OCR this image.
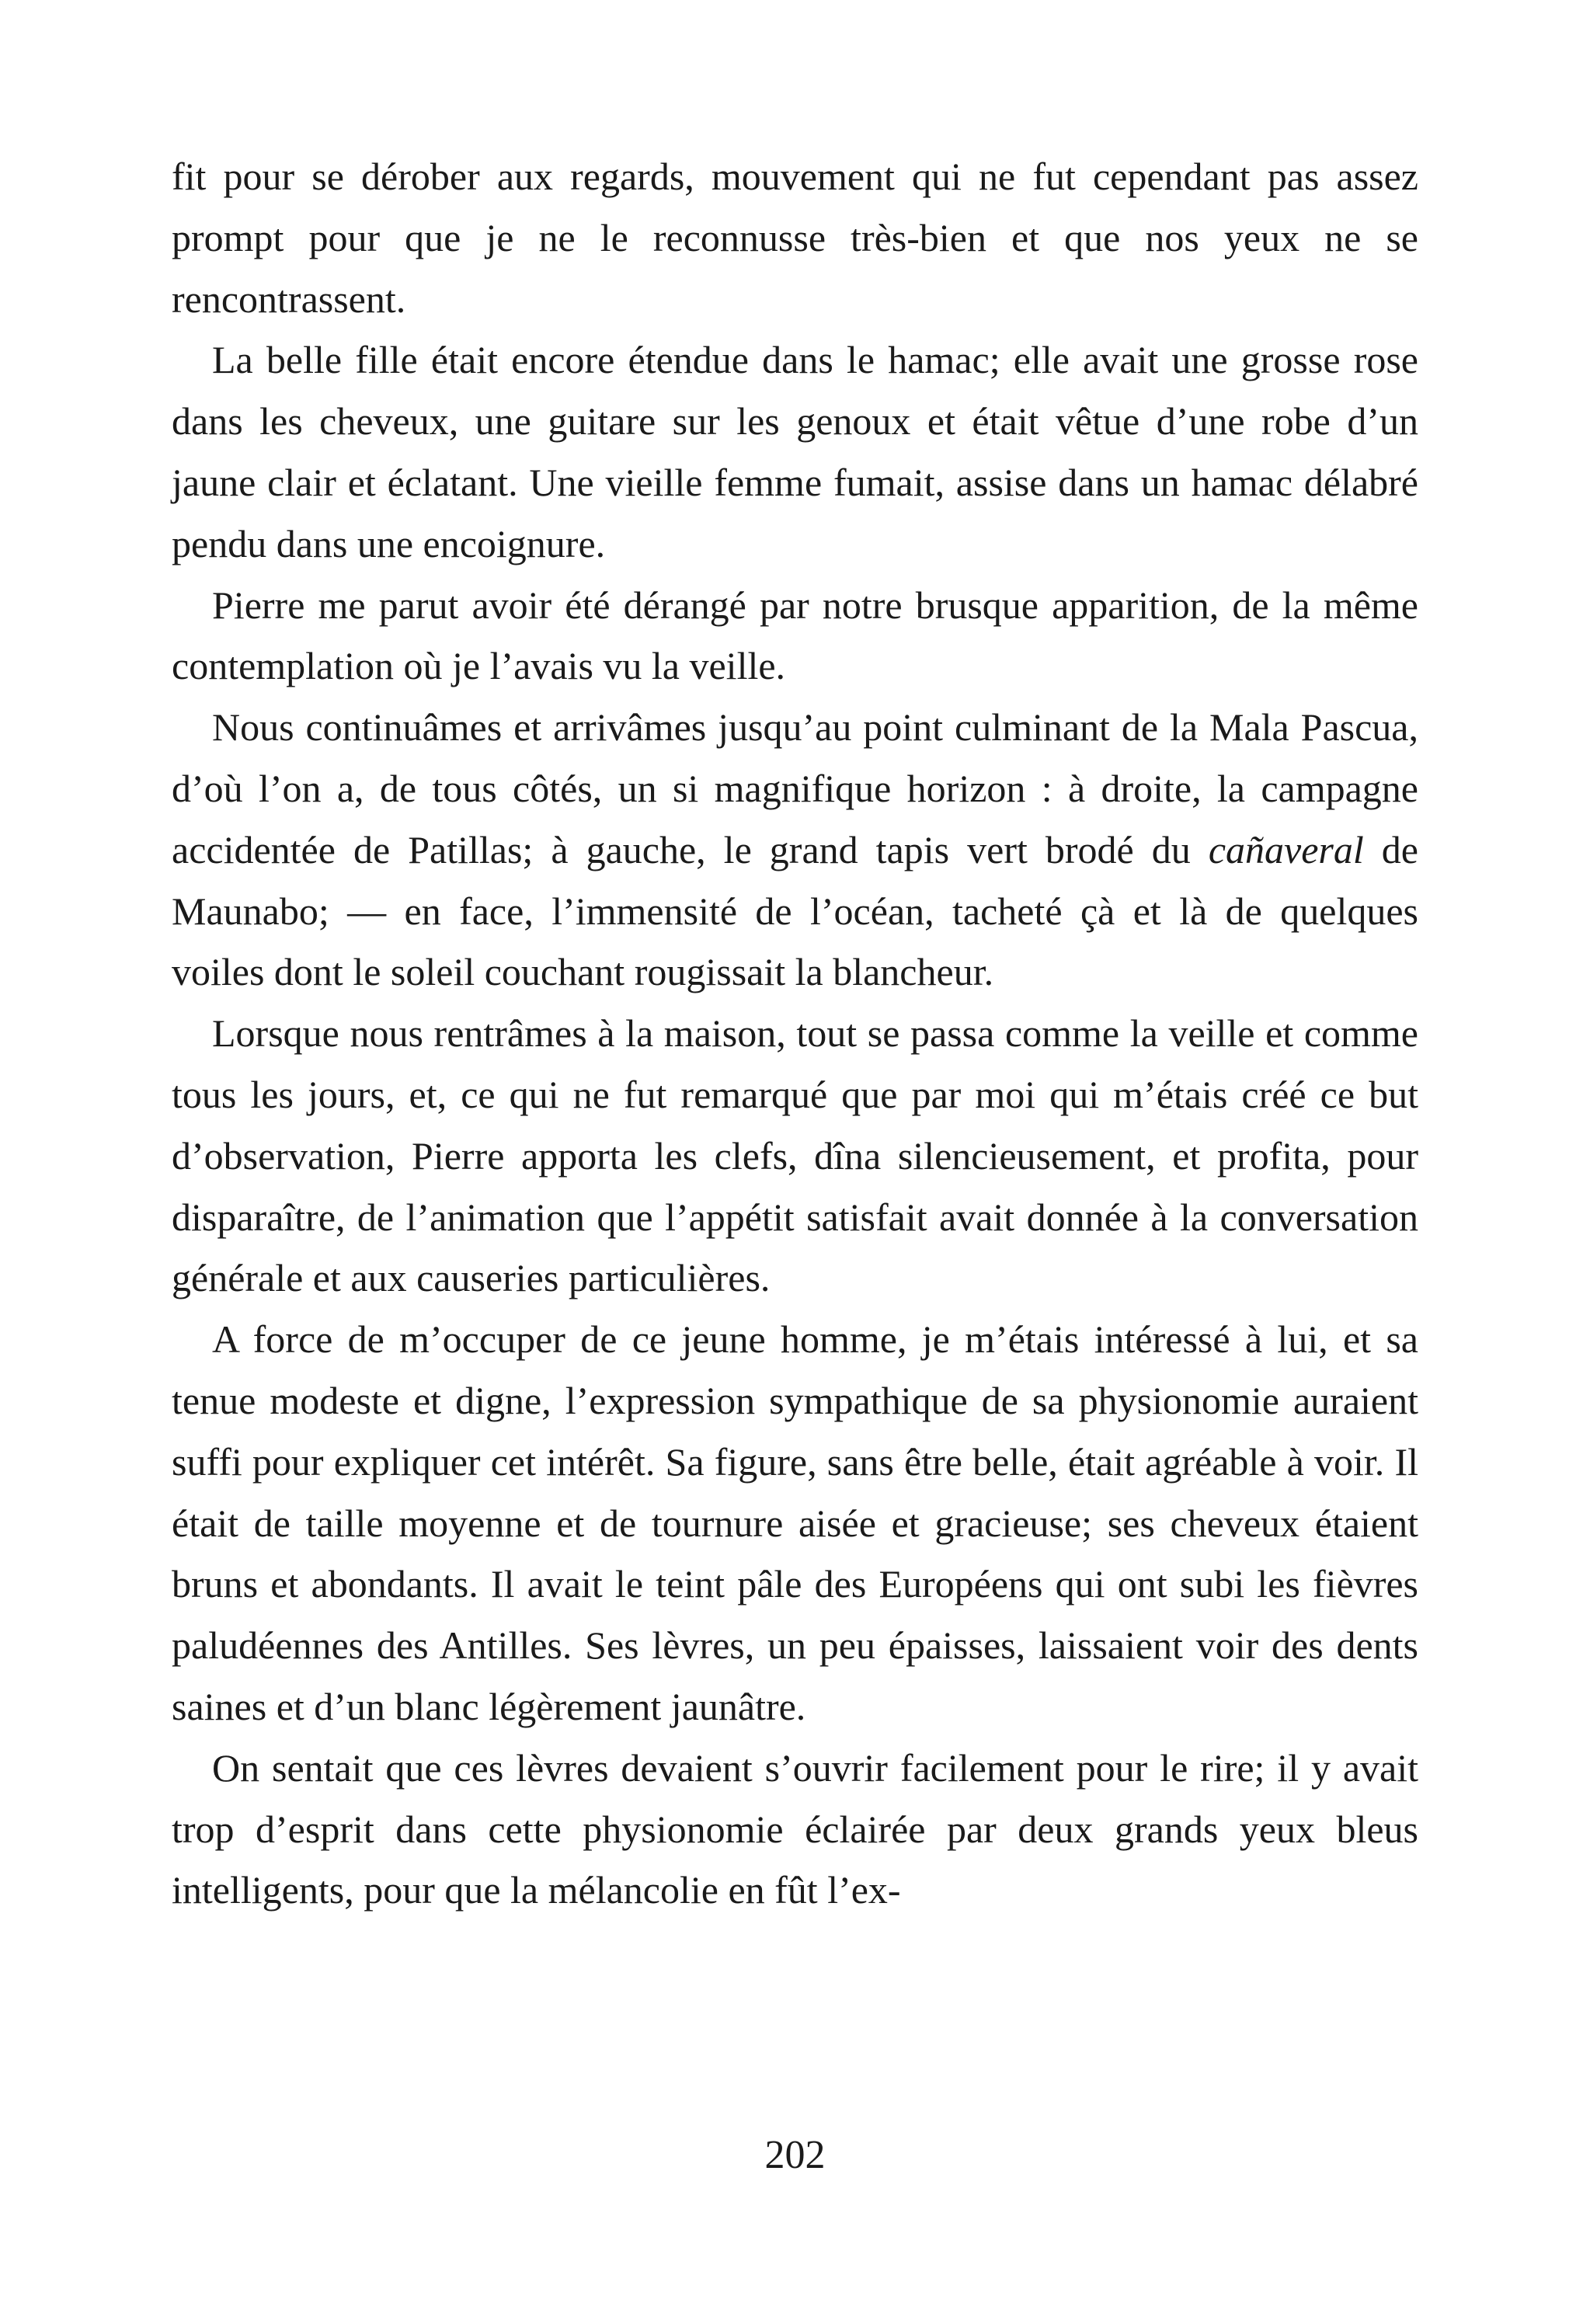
fit pour se dérober aux regards, mouvement qui ne fut cependant pas assez prompt pour que je ne le reconnusse très-bien et que nos yeux ne se rencontrassent.

La belle fille était encore étendue dans le hamac; elle avait une grosse rose dans les cheveux, une guitare sur les genoux et était vêtue d’une robe d’un jaune clair et éclatant. Une vieille femme fumait, assise dans un hamac délabré pendu dans une encoignure.

Pierre me parut avoir été dérangé par notre brusque apparition, de la même contemplation où je l’avais vu la veille.

Nous continuâmes et arrivâmes jusqu’au point culminant de la Mala Pascua, d’où l’on a, de tous côtés, un si magnifique horizon : à droite, la campagne accidentée de Patillas; à gauche, le grand tapis vert brodé du cañaveral de Maunabo; — en face, l’immensité de l’océan, tacheté çà et là de quelques voiles dont le soleil couchant rougissait la blancheur.

Lorsque nous rentrâmes à la maison, tout se passa comme la veille et comme tous les jours, et, ce qui ne fut remarqué que par moi qui m’étais créé ce but d’observation, Pierre apporta les clefs, dîna silencieusement, et profita, pour disparaître, de l’animation que l’appétit satisfait avait donnée à la conversation générale et aux causeries particulières.

A force de m’occuper de ce jeune homme, je m’étais intéressé à lui, et sa tenue modeste et digne, l’expression sympathique de sa physionomie auraient suffi pour expliquer cet intérêt. Sa figure, sans être belle, était agréable à voir. Il était de taille moyenne et de tournure aisée et gracieuse; ses cheveux étaient bruns et abondants. Il avait le teint pâle des Européens qui ont subi les fièvres paludéennes des Antilles. Ses lèvres, un peu épaisses, laissaient voir des dents saines et d’un blanc légèrement jaunâtre.

On sentait que ces lèvres devaient s’ouvrir facilement pour le rire; il y avait trop d’esprit dans cette physionomie éclairée par deux grands yeux bleus intelligents, pour que la mélancolie en fût l’ex-

202
